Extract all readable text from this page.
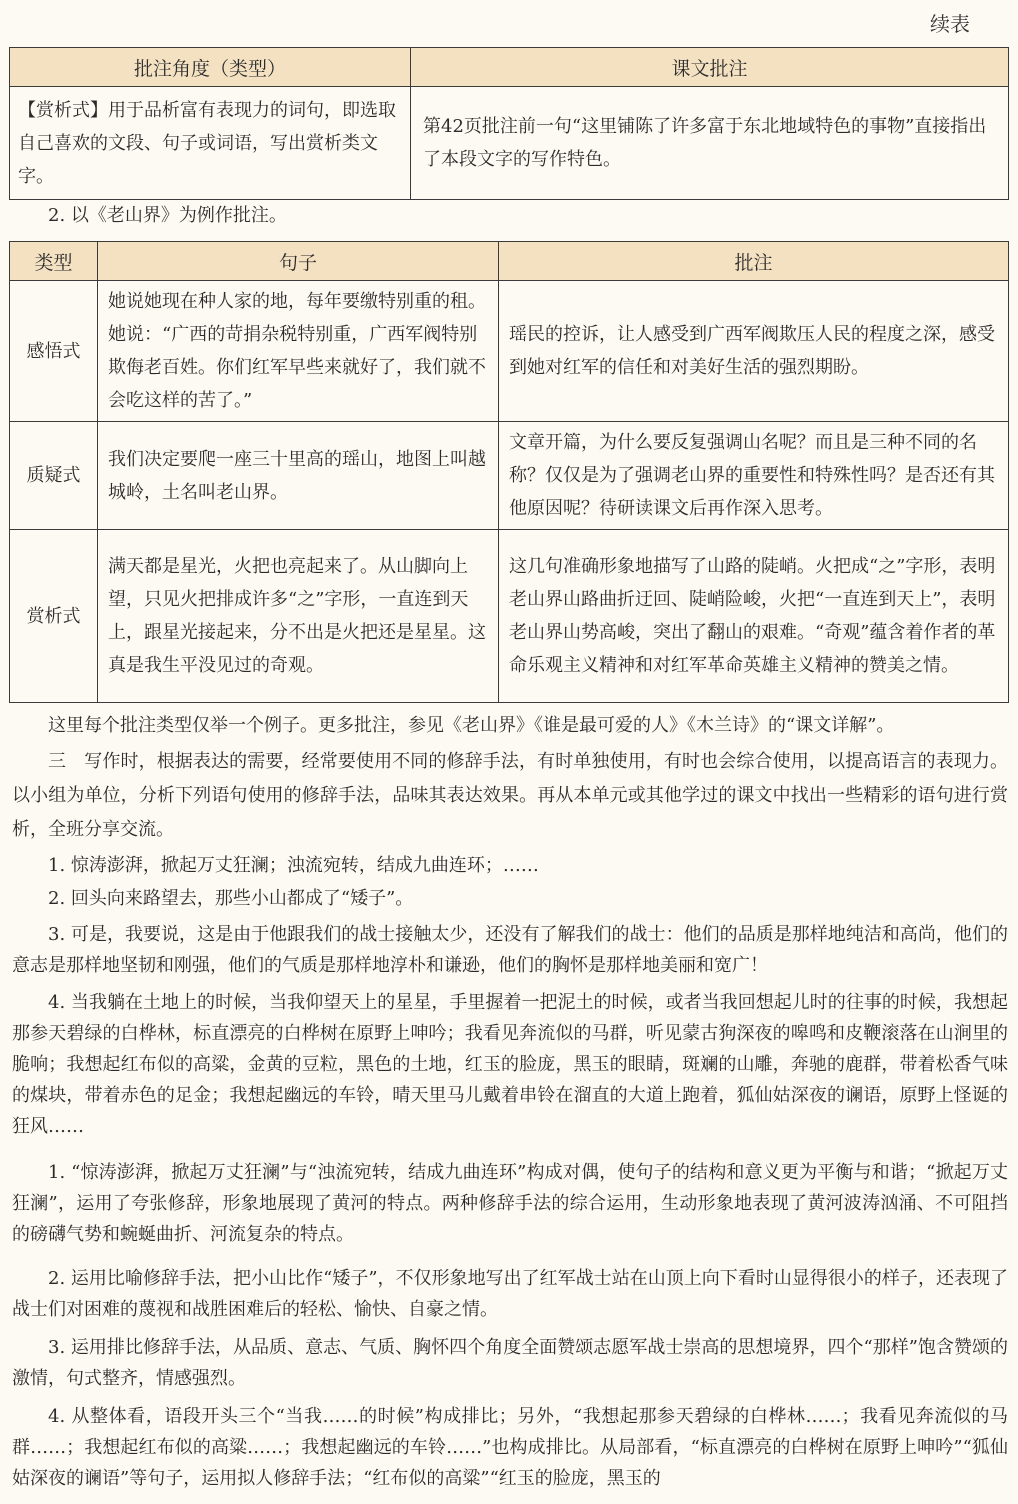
续表
批注角度（类型）	课文批注
【赏析式】用于品析富有表现力的词句，即选取自己喜欢的文段、句子或词语，写出赏析类文字。	第42页批注前一句“这里铺陈了许多富于东北地域特色的事物”直接指出了本段文字的写作特色。

2. 以《老山界》为例作批注。

类型	句子	批注
感悟式	她说她现在种人家的地，每年要缴特别重的租。她说：“广西的苛捐杂税特别重，广西军阀特别欺侮老百姓。你们红军早些来就好了，我们就不会吃这样的苦了。”	瑶民的控诉，让人感受到广西军阀欺压人民的程度之深，感受到她对红军的信任和对美好生活的强烈期盼。
质疑式	我们决定要爬一座三十里高的瑶山，地图上叫越城岭，土名叫老山界。	文章开篇，为什么要反复强调山名呢？而且是三种不同的名称？仅仅是为了强调老山界的重要性和特殊性吗？是否还有其他原因呢？待研读课文后再作深入思考。
赏析式	满天都是星光，火把也亮起来了。从山脚向上望，只见火把排成许多“之”字形，一直连到天上，跟星光接起来，分不出是火把还是星星。这真是我生平没见过的奇观。	这几句准确形象地描写了山路的陡峭。火把成“之”字形，表明老山界山路曲折迂回、陡峭险峻，火把“一直连到天上”，表明老山界山势高峻，突出了翻山的艰难。“奇观”蕴含着作者的革命乐观主义精神和对红军革命英雄主义精神的赞美之情。

这里每个批注类型仅举一个例子。更多批注，参见《老山界》《谁是最可爱的人》《木兰诗》的“课文详解”。

三　写作时，根据表达的需要，经常要使用不同的修辞手法，有时单独使用，有时也会综合使用，以提高语言的表现力。以小组为单位，分析下列语句使用的修辞手法，品味其表达效果。再从本单元或其他学过的课文中找出一些精彩的语句进行赏析，全班分享交流。

1. 惊涛澎湃，掀起万丈狂澜；浊流宛转，结成九曲连环；……

2. 回头向来路望去，那些小山都成了“矮子”。

3. 可是，我要说，这是由于他跟我们的战士接触太少，还没有了解我们的战士：他们的品质是那样地纯洁和高尚，他们的意志是那样地坚韧和刚强，他们的气质是那样地淳朴和谦逊，他们的胸怀是那样地美丽和宽广！

4. 当我躺在土地上的时候，当我仰望天上的星星，手里握着一把泥土的时候，或者当我回想起儿时的往事的时候，我想起那参天碧绿的白桦林，标直漂亮的白桦树在原野上呻吟；我看见奔流似的马群，听见蒙古狗深夜的嗥鸣和皮鞭滚落在山涧里的脆响；我想起红布似的高粱，金黄的豆粒，黑色的土地，红玉的脸庞，黑玉的眼睛，斑斓的山雕，奔驰的鹿群，带着松香气味的煤块，带着赤色的足金；我想起幽远的车铃，晴天里马儿戴着串铃在溜直的大道上跑着，狐仙姑深夜的谰语，原野上怪诞的狂风……

1. “惊涛澎湃，掀起万丈狂澜”与“浊流宛转，结成九曲连环”构成对偶，使句子的结构和意义更为平衡与和谐；“掀起万丈狂澜”，运用了夸张修辞，形象地展现了黄河的特点。两种修辞手法的综合运用，生动形象地表现了黄河波涛汹涌、不可阻挡的磅礴气势和蜿蜒曲折、河流复杂的特点。

2. 运用比喻修辞手法，把小山比作“矮子”，不仅形象地写出了红军战士站在山顶上向下看时山显得很小的样子，还表现了战士们对困难的蔑视和战胜困难后的轻松、愉快、自豪之情。

3. 运用排比修辞手法，从品质、意志、气质、胸怀四个角度全面赞颂志愿军战士崇高的思想境界，四个“那样”饱含赞颂的激情，句式整齐，情感强烈。

4. 从整体看，语段开头三个“当我……的时候”构成排比；另外，“我想起那参天碧绿的白桦林……；我看见奔流似的马群……；我想起红布似的高粱……；我想起幽远的车铃……”也构成排比。从局部看，“标直漂亮的白桦树在原野上呻吟”“狐仙姑深夜的谰语”等句子，运用拟人修辞手法；“红布似的高粱”“红玉的脸庞，黑玉的
